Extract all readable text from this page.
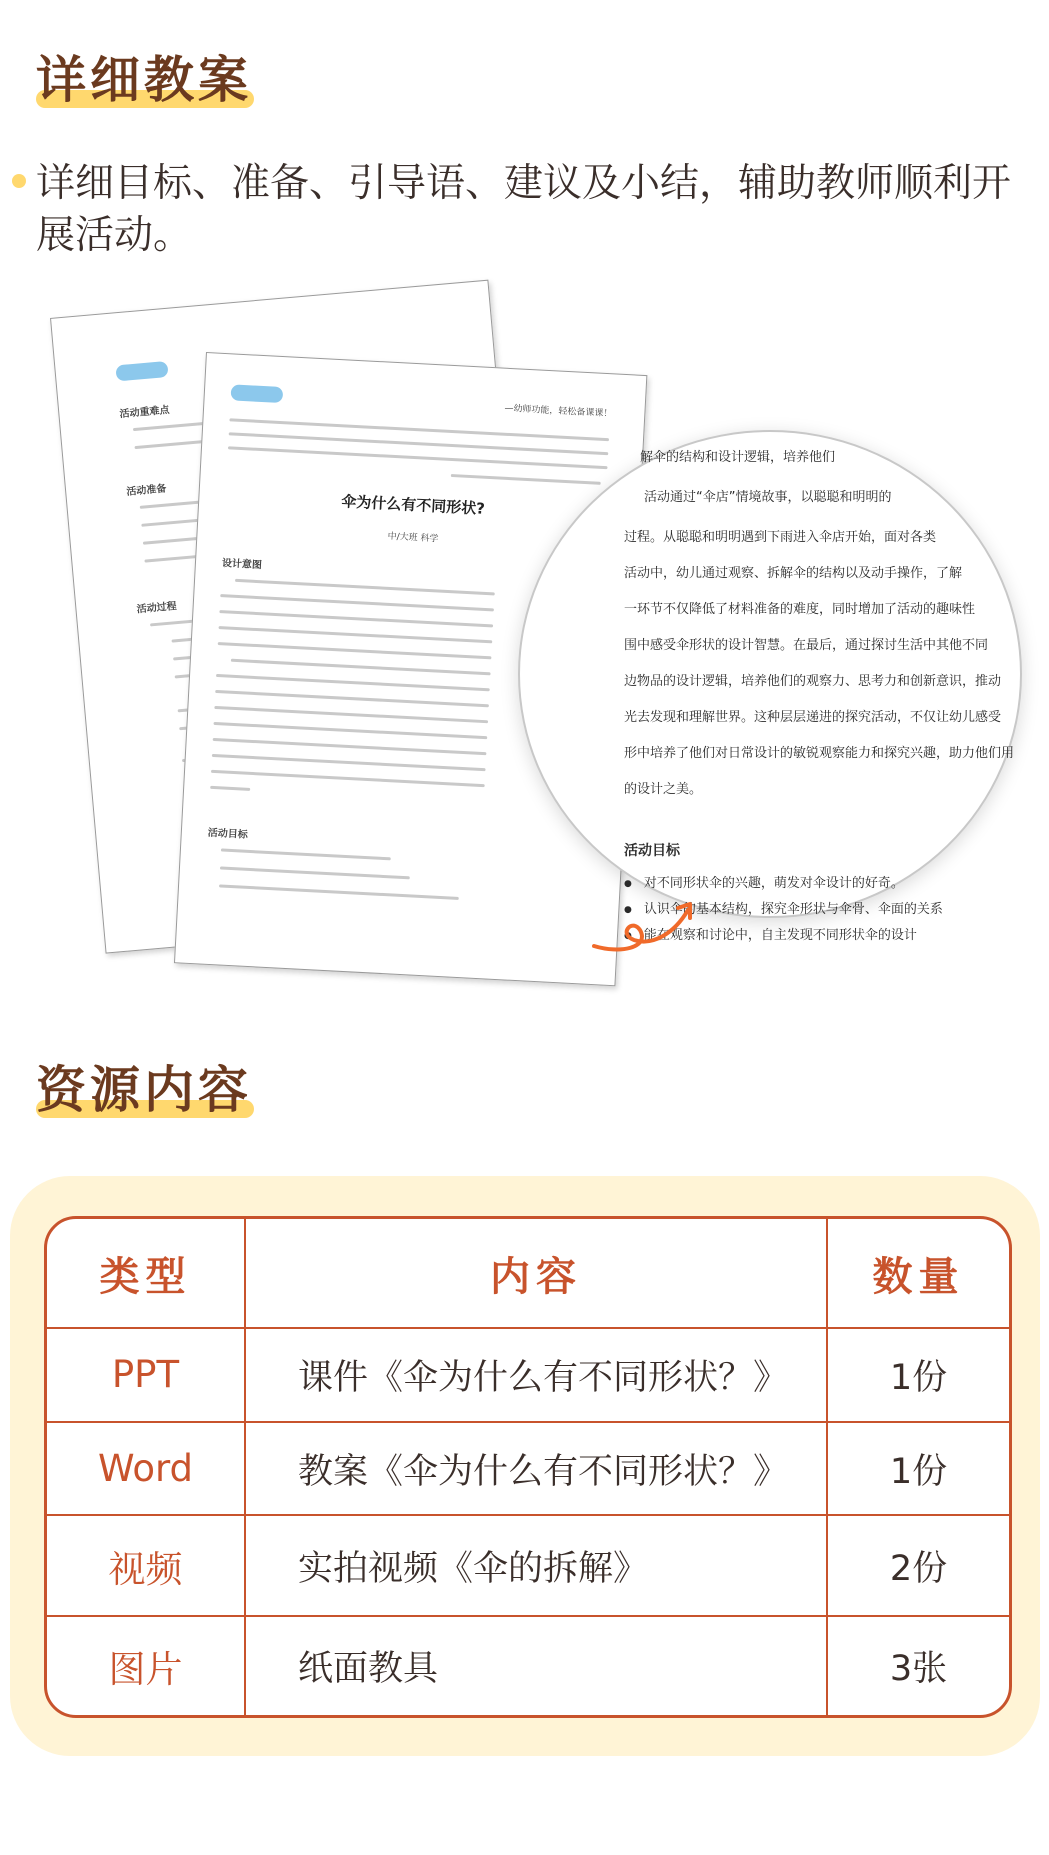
详细教案
详细目标、准备、引导语、建议及小结，辅助教师顺利开展活动。
活动重难点
活动准备
活动过程
—幼师功能，轻松备课课！
伞为什么有不同形状?
中/大班 科学
设计意图
活动目标
解伞的结构和设计逻辑，培养他们
活动通过“伞店”情境故事，以聪聪和明明的
过程。从聪聪和明明遇到下雨进入伞店开始，面对各类
活动中，幼儿通过观察、拆解伞的结构以及动手操作，了解
一环节不仅降低了材料准备的难度，同时增加了活动的趣味性
围中感受伞形状的设计智慧。在最后，通过探讨生活中其他不同
边物品的设计逻辑，培养他们的观察力、思考力和创新意识，推动
光去发现和理解世界。这种层层递进的探究活动，不仅让幼儿感受
形中培养了他们对日常设计的敏锐观察能力和探究兴趣，助力他们用
的设计之美。
活动目标
● 对不同形状伞的兴趣，萌发对伞设计的好奇。
● 认识伞的基本结构，探究伞形状与伞骨、伞面的关系
● 能在观察和讨论中，自主发现不同形状伞的设计
资源内容
类型	内容	数量
PPT	课件《伞为什么有不同形状？》	1份
Word	教案《伞为什么有不同形状？》	1份
视频	实拍视频《伞的拆解》	2份
图片	纸面教具	3张
